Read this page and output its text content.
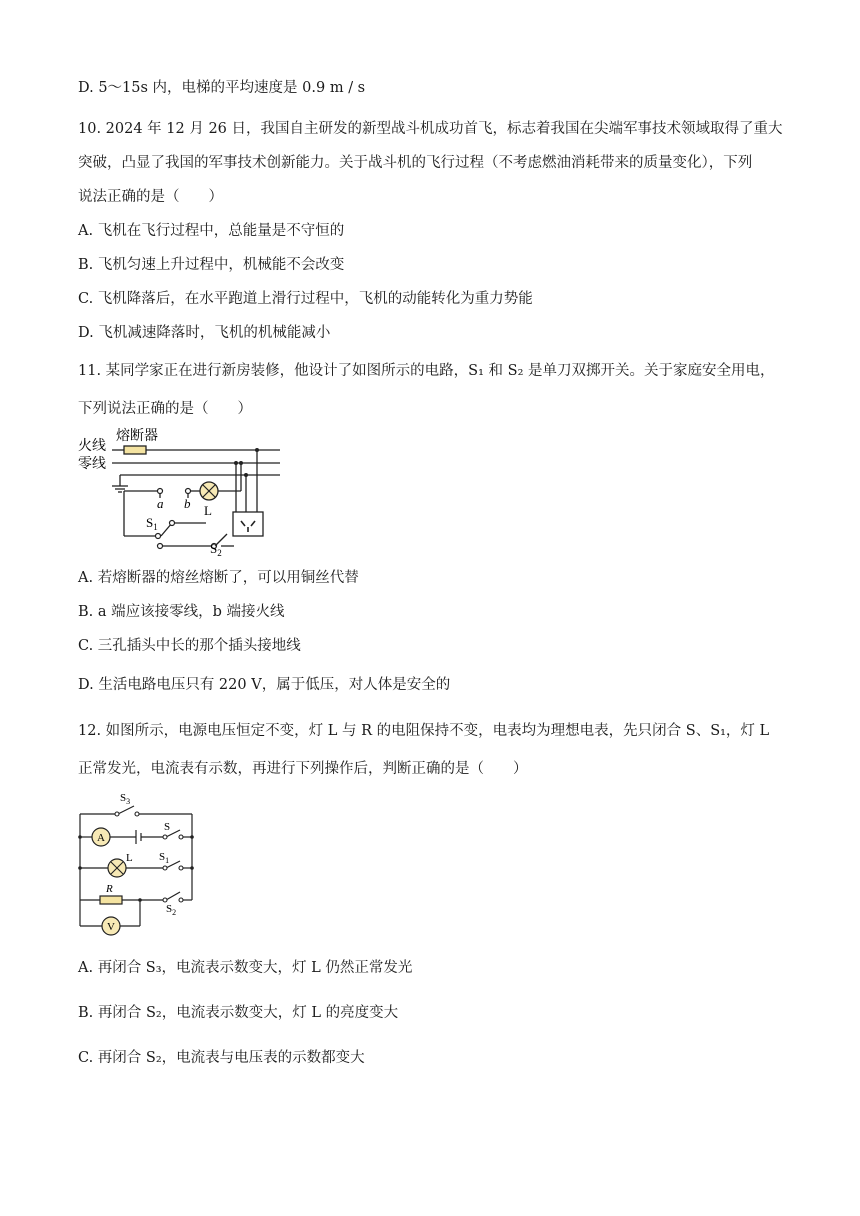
D. 5～15s 内，电梯的平均速度是 0.9 m / s
10. 2024 年 12 月 26 日，我国自主研发的新型战斗机成功首飞，标志着我国在尖端军事技术领域取得了重大
突破，凸显了我国的军事技术创新能力。关于战斗机的飞行过程（不考虑燃油消耗带来的质量变化），下列
说法正确的是（　　）
A. 飞机在飞行过程中，总能量是不守恒的
B. 飞机匀速上升过程中，机械能不会改变
C. 飞机降落后，在水平跑道上滑行过程中，飞机的动能转化为重力势能
D. 飞机减速降落时，飞机的机械能减小
11. 某同学家正在进行新房装修，他设计了如图所示的电路，S₁ 和 S₂ 是单刀双掷开关。关于家庭安全用电，
下列说法正确的是（　　）
火线
零线
熔断器
a b L
$S_1$
$S_2$
A. 若熔断器的熔丝熔断了，可以用铜丝代替
B. a 端应该接零线，b 端接火线
C. 三孔插头中长的那个插头接地线
D. 生活电路电压只有 220 V，属于低压，对人体是安全的
12. 如图所示，电源电压恒定不变，灯 L 与 R 的电阻保持不变，电表均为理想电表，先只闭合 S、S₁，灯 L
正常发光，电流表有示数，再进行下列操作后，判断正确的是（　　）
A
V
$S_3$
S
L $S_1$
R
$S_2$
A. 再闭合 S₃，电流表示数变大，灯 L 仍然正常发光
B. 再闭合 S₂，电流表示数变大，灯 L 的亮度变大
C. 再闭合 S₂，电流表与电压表的示数都变大
